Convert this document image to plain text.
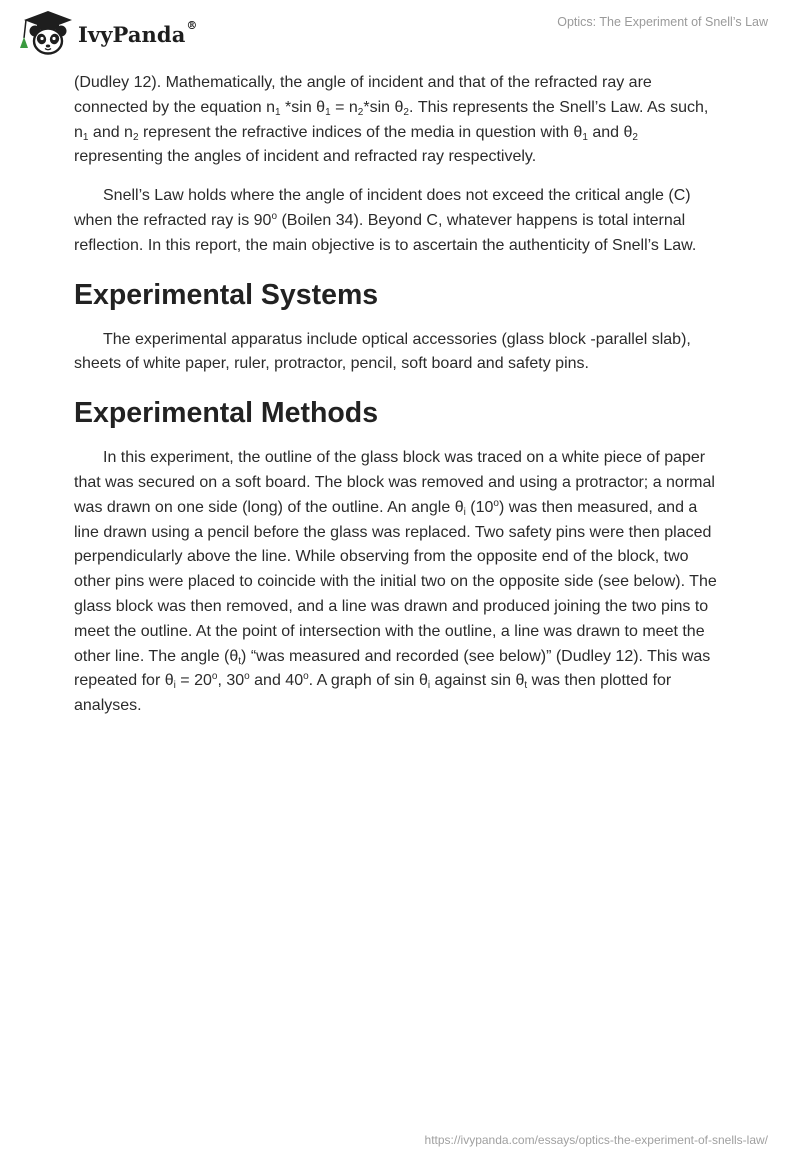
IvyPanda®	Optics: The Experiment of Snell’s Law

(Dudley 12). Mathematically, the angle of incident and that of the refracted ray are connected by the equation $n_1$ *sin $\theta_1 = n_2*\sin$ $\theta_2$. This represents the Snell’s Law. As such, $n_1$ and $n_2$ represent the refractive indices of the media in question with $\theta_1$ and $\theta_2$ representing the angles of incident and refracted ray respectively.

Snell’s Law holds where the angle of incident does not exceed the critical angle (C) when the refracted ray is 90$^o$ (Boilen 34). Beyond C, whatever happens is total internal reflection. In this report, the main objective is to ascertain the authenticity of Snell’s Law.

Experimental Systems

The experimental apparatus include optical accessories (glass block -parallel slab), sheets of white paper, ruler, protractor, pencil, soft board and safety pins.

Experimental Methods

In this experiment, the outline of the glass block was traced on a white piece of paper that was secured on a soft board. The block was removed and using a protractor; a normal was drawn on one side (long) of the outline. An angle $\theta_i$ (10$^o$) was then measured, and a line drawn using a pencil before the glass was replaced. Two safety pins were then placed perpendicularly above the line. While observing from the opposite end of the block, two other pins were placed to coincide with the initial two on the opposite side (see below). The glass block was then removed, and a line was drawn and produced joining the two pins to meet the outline. At the point of intersection with the outline, a line was drawn to meet the other line. The angle $(\theta_t)$ “was measured and recorded (see below)” (Dudley 12). This was repeated for $\theta_i = 20^o$, 30$^o$ and 40$^o$. A graph of $\sin \theta_i$ against $\sin \theta_t$ was then plotted for analyses.

https://ivypanda.com/essays/optics-the-experiment-of-snells-law/
